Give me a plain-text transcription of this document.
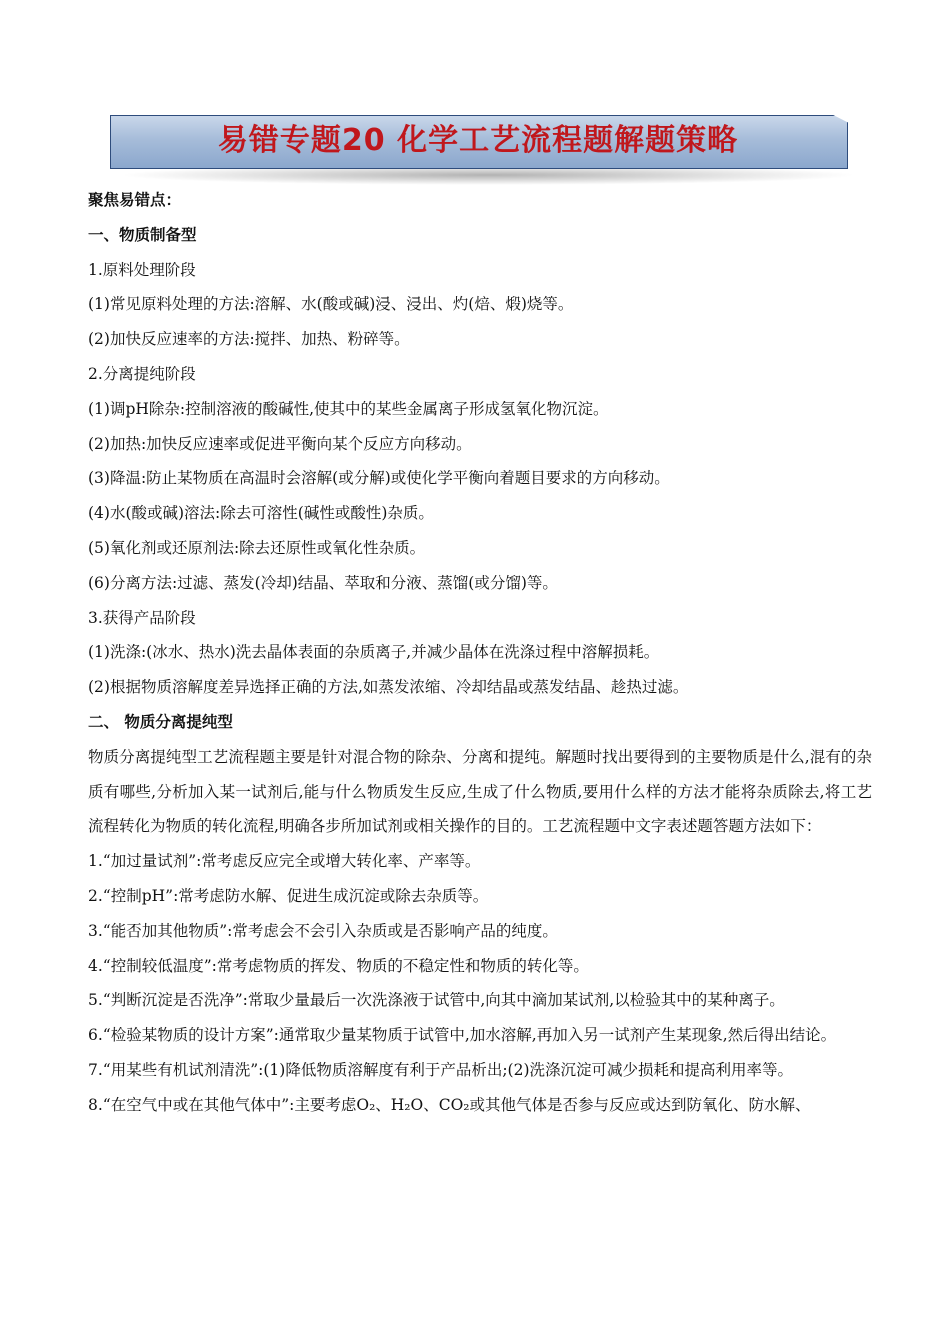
易错专题20 化学工艺流程题解题策略
聚焦易错点：
一、物质制备型
1.原料处理阶段
(1)常见原料处理的方法:溶解、水(酸或碱)浸、浸出、灼(焙、煅)烧等。
(2)加快反应速率的方法:搅拌、加热、粉碎等。
2.分离提纯阶段
(1)调pH除杂:控制溶液的酸碱性,使其中的某些金属离子形成氢氧化物沉淀。
(2)加热:加快反应速率或促进平衡向某个反应方向移动。
(3)降温:防止某物质在高温时会溶解(或分解)或使化学平衡向着题目要求的方向移动。
(4)水(酸或碱)溶法:除去可溶性(碱性或酸性)杂质。
(5)氧化剂或还原剂法:除去还原性或氧化性杂质。
(6)分离方法:过滤、蒸发(冷却)结晶、萃取和分液、蒸馏(或分馏)等。
3.获得产品阶段
(1)洗涤:(冰水、热水)洗去晶体表面的杂质离子,并减少晶体在洗涤过程中溶解损耗。
(2)根据物质溶解度差异选择正确的方法,如蒸发浓缩、冷却结晶或蒸发结晶、趁热过滤。
二、 物质分离提纯型
物质分离提纯型工艺流程题主要是针对混合物的除杂、分离和提纯。解题时找出要得到的主要物质是什么,混有的杂质有哪些,分析加入某一试剂后,能与什么物质发生反应,生成了什么物质,要用什么样的方法才能将杂质除去,将工艺流程转化为物质的转化流程,明确各步所加试剂或相关操作的目的。工艺流程题中文字表述题答题方法如下：
1.“加过量试剂”:常考虑反应完全或增大转化率、产率等。
2.“控制pH”:常考虑防水解、促进生成沉淀或除去杂质等。
3.“能否加其他物质”:常考虑会不会引入杂质或是否影响产品的纯度。
4.“控制较低温度”:常考虑物质的挥发、物质的不稳定性和物质的转化等。
5.“判断沉淀是否洗净”:常取少量最后一次洗涤液于试管中,向其中滴加某试剂,以检验其中的某种离子。
6.“检验某物质的设计方案”:通常取少量某物质于试管中,加水溶解,再加入另一试剂产生某现象,然后得出结论。
7.“用某些有机试剂清洗”:(1)降低物质溶解度有利于产品析出;(2)洗涤沉淀可减少损耗和提高利用率等。
8.“在空气中或在其他气体中”:主要考虑O₂、H₂O、CO₂或其他气体是否参与反应或达到防氧化、防水解、
